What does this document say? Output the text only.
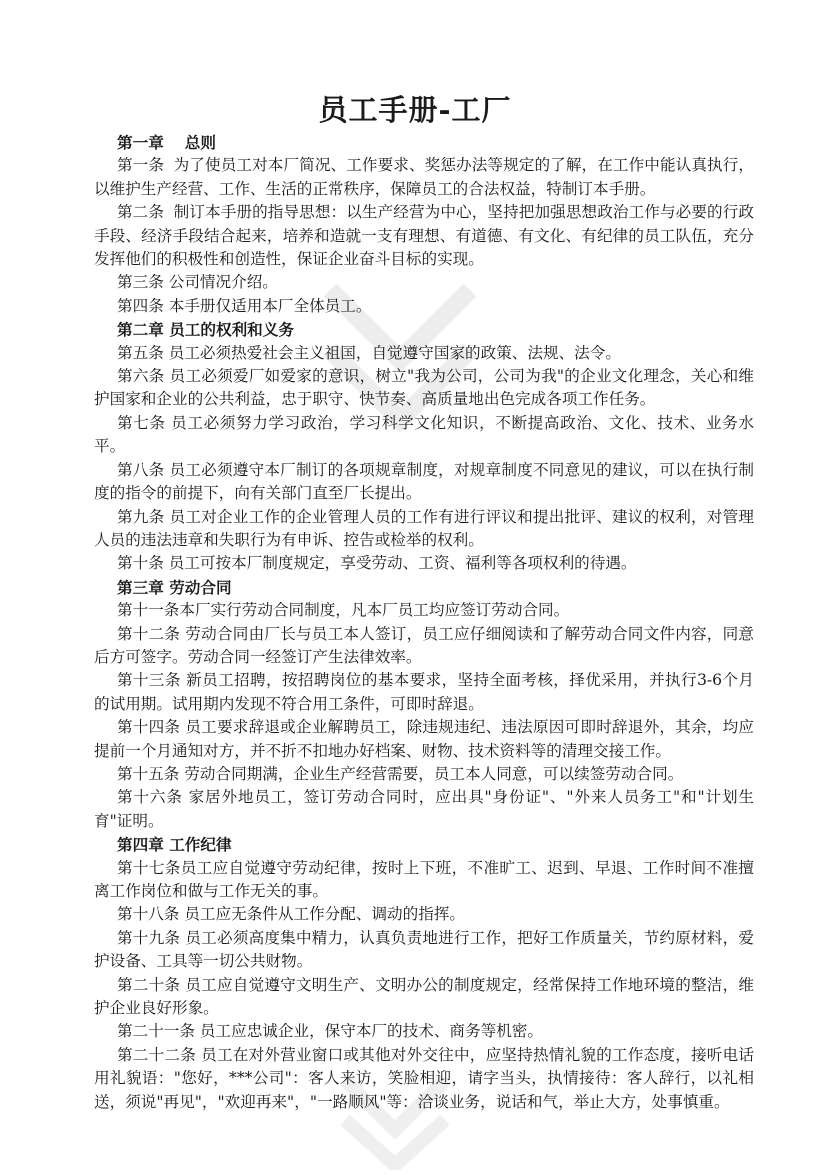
员工手册-工厂

第一章　 总则

第一条	为了使员工对本厂简况、工作要求、奖惩办法等规定的了解，在工作中能认真执行，以维护生产经营、工作、生活的正常秩序，保障员工的合法权益，特制订本手册。

第二条	制订本手册的指导思想：以生产经营为中心，坚持把加强思想政治工作与必要的行政手段、经济手段结合起来，培养和造就一支有理想、有道德、有文化、有纪律的员工队伍，充分发挥他们的积极性和创造性，保证企业奋斗目标的实现。

第三条 公司情况介绍。

第四条 本手册仅适用本厂全体员工。

第二章 员工的权利和义务

第五条 员工必须热爱社会主义祖国，自觉遵守国家的政策、法规、法令。

第六条 员工必须爱厂如爱家的意识，树立"我为公司，公司为我"的企业文化理念，关心和维护国家和企业的公共利益，忠于职守、快节奏、高质量地出色完成各项工作任务。

第七条 员工必须努力学习政治，学习科学文化知识，不断提高政治、文化、技术、业务水平。

第八条 员工必须遵守本厂制订的各项规章制度，对规章制度不同意见的建议，可以在执行制度的指令的前提下，向有关部门直至厂长提出。

第九条 员工对企业工作的企业管理人员的工作有进行评议和提出批评、建议的权利，对管理人员的违法违章和失职行为有申诉、控告或检举的权利。

第十条 员工可按本厂制度规定，享受劳动、工资、福利等各项权利的待遇。

第三章 劳动合同

第十一条本厂实行劳动合同制度，凡本厂员工均应签订劳动合同。

第十二条 劳动合同由厂长与员工本人签订，员工应仔细阅读和了解劳动合同文件内容，同意后方可签字。劳动合同一经签订产生法律效率。

第十三条 新员工招聘，按招聘岗位的基本要求，坚持全面考核，择优采用，并执行3-6个月的试用期。试用期内发现不符合用工条件，可即时辞退。

第十四条 员工要求辞退或企业解聘员工，除违规违纪、违法原因可即时辞退外，其余，均应提前一个月通知对方，并不折不扣地办好档案、财物、技术资料等的清理交接工作。

第十五条 劳动合同期满，企业生产经营需要，员工本人同意，可以续签劳动合同。

第十六条 家居外地员工，签订劳动合同时，应出具"身份证"、"外来人员务工"和"计划生育"证明。

第四章 工作纪律

第十七条员工应自觉遵守劳动纪律，按时上下班，不准旷工、迟到、早退、工作时间不准擅离工作岗位和做与工作无关的事。

第十八条 员工应无条件从工作分配、调动的指挥。

第十九条 员工必须高度集中精力，认真负责地进行工作，把好工作质量关，节约原材料，爱护设备、工具等一切公共财物。

第二十条 员工应自觉遵守文明生产、文明办公的制度规定，经常保持工作地环境的整洁，维护企业良好形象。

第二十一条 员工应忠诚企业，保守本厂的技术、商务等机密。

第二十二条 员工在对外营业窗口或其他对外交往中，应坚持热情礼貌的工作态度，接听电话用礼貌语："您好，***公司"：客人来访，笑脸相迎，请字当头，执情接待：客人辞行，以礼相送，须说"再见"，"欢迎再来"，"一路顺风"等：洽谈业务，说话和气，举止大方，处事慎重。
